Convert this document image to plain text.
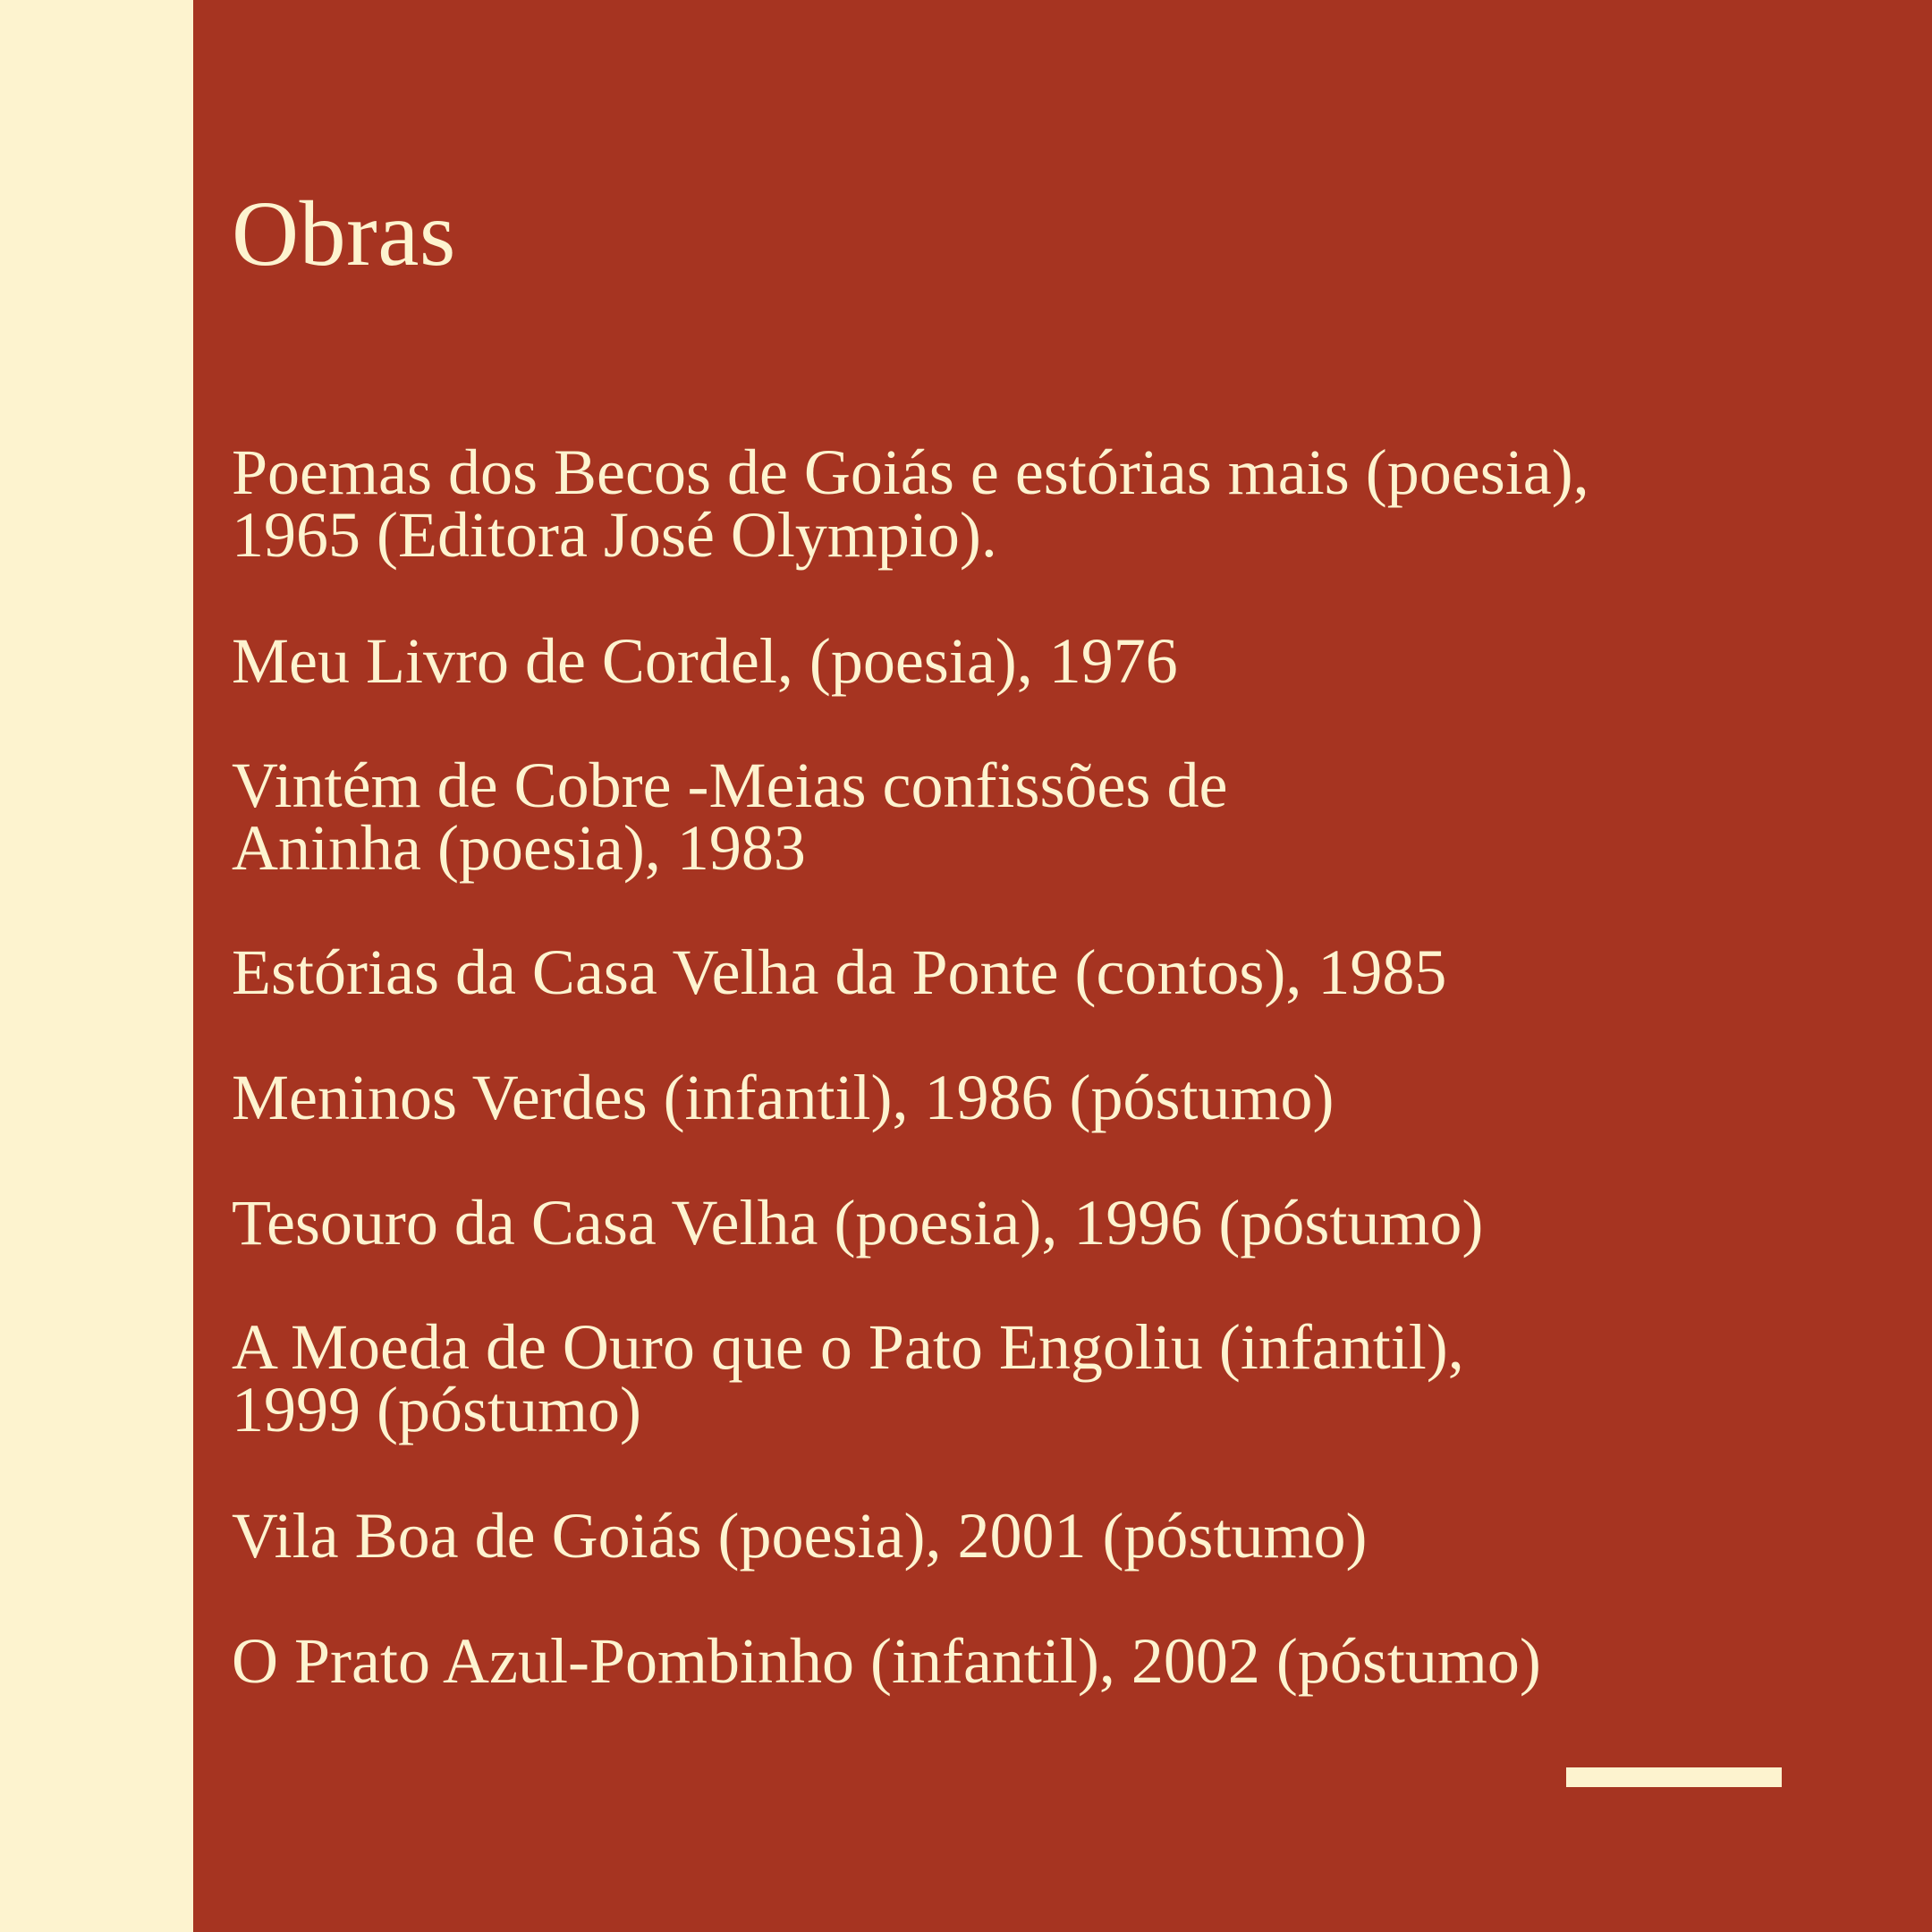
Obras
Poemas dos Becos de Goiás e estórias mais (poesia),
1965 (Editora José Olympio).
Meu Livro de Cordel, (poesia), 1976
Vintém de Cobre -Meias confissões de
Aninha (poesia), 1983
Estórias da Casa Velha da Ponte (contos), 1985
Meninos Verdes (infantil), 1986 (póstumo)
Tesouro da Casa Velha (poesia), 1996 (póstumo)
A Moeda de Ouro que o Pato Engoliu (infantil),
1999 (póstumo)
Vila Boa de Goiás (poesia), 2001 (póstumo)
O Prato Azul-Pombinho (infantil), 2002 (póstumo)
